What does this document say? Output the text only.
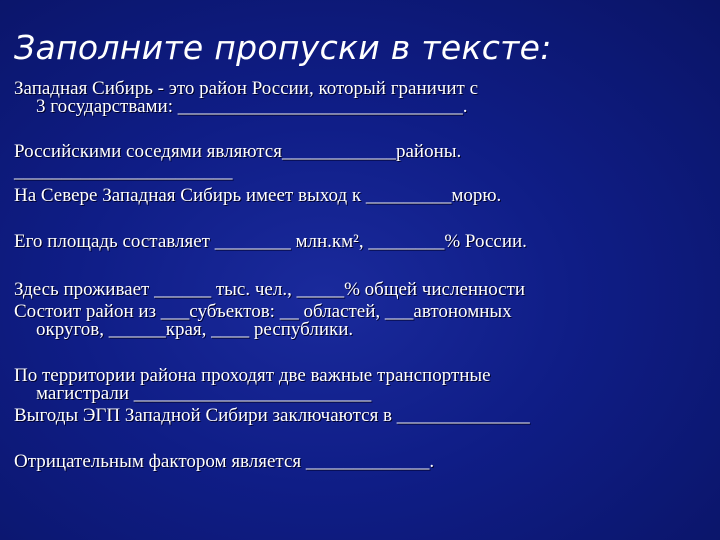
Заполните пропуски в тексте:
Западная Сибирь - это район России, который граничит с
3 государствами: ______________________________.
Российскими соседями являются____________районы.
_______________________
На Севере Западная Сибирь имеет выход к _________морю.
Его площадь составляет ________ млн.км², ________% России.
Здесь проживает ______ тыс. чел., _____% общей численности
Состоит район из ___субъектов: __ областей, ___автономных
округов, ______края, ____ республики.
По территории района проходят две важные транспортные
магистрали _________________________
Выгоды ЭГП Западной Сибири заключаются в ______________
Отрицательным фактором является _____________.
